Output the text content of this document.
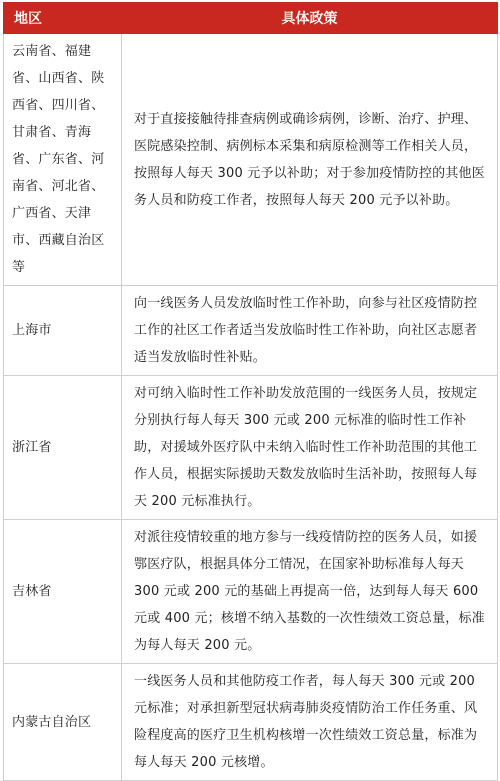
地区	具体政策
云南省、福建省、山西省、陕西省、四川省、甘肃省、青海省、广东省、河南省、河北省、广西省、天津市、西藏自治区等	对于直接接触待排查病例或确诊病例，诊断、治疗、护理、医院感染控制、病例标本采集和病原检测等工作相关人员，按照每人每天 300 元予以补助；对于参加疫情防控的其他医务人员和防疫工作者，按照每人每天 200 元予以补助。
上海市	向一线医务人员发放临时性工作补助，向参与社区疫情防控工作的社区工作者适当发放临时性工作补助，向社区志愿者适当发放临时性补贴。
浙江省	对可纳入临时性工作补助发放范围的一线医务人员，按规定分别执行每人每天 300 元或 200 元标准的临时性工作补助，对援域外医疗队中未纳入临时性工作补助范围的其他工作人员，根据实际援助天数发放临时生活补助，按照每人每天 200 元标准执行。
吉林省	对派往疫情较重的地方参与一线疫情防控的医务人员，如援鄂医疗队，根据具体分工情况，在国家补助标准每人每天 300 元或 200 元的基础上再提高一倍，达到每人每天 600 元或 400 元；核增不纳入基数的一次性绩效工资总量，标准为每人每天 200 元。
内蒙古自治区	一线医务人员和其他防疫工作者，每人每天 300 元或 200 元标准；对承担新型冠状病毒肺炎疫情防治工作任务重、风险程度高的医疗卫生机构核增一次性绩效工资总量，标准为每人每天 200 元核增。
